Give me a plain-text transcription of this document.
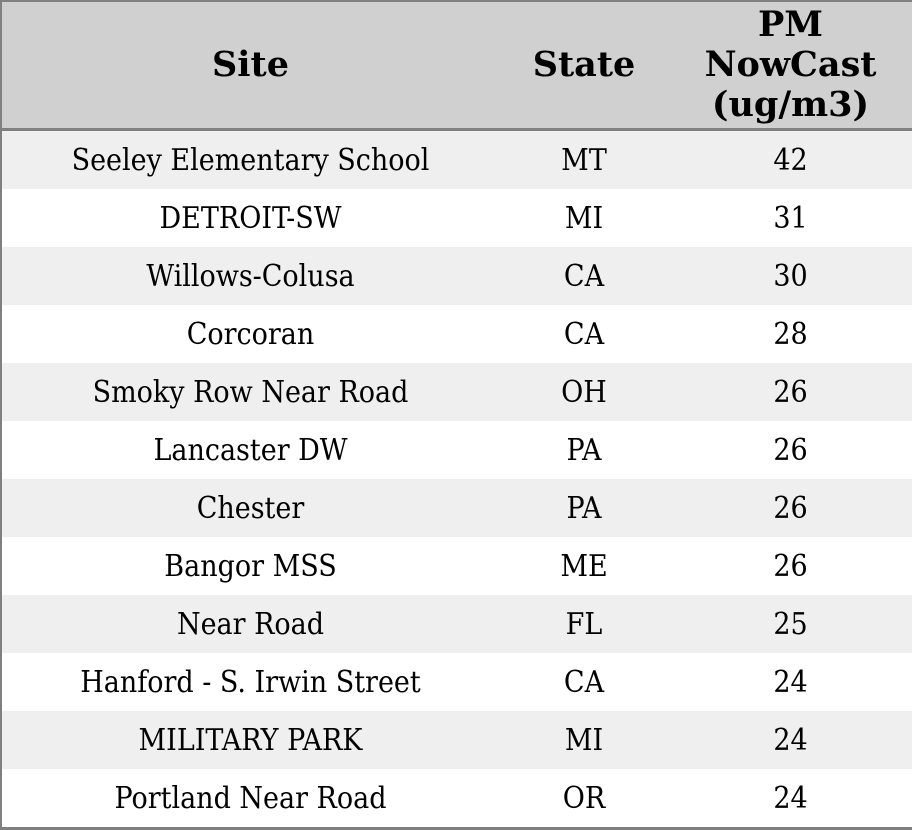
Site	State	PM NowCast (ug/m3)
Seeley Elementary School	MT	42
DETROIT-SW	MI	31
Willows-Colusa	CA	30
Corcoran	CA	28
Smoky Row Near Road	OH	26
Lancaster DW	PA	26
Chester	PA	26
Bangor MSS	ME	26
Near Road	FL	25
Hanford - S. Irwin Street	CA	24
MILITARY PARK	MI	24
Portland Near Road	OR	24
